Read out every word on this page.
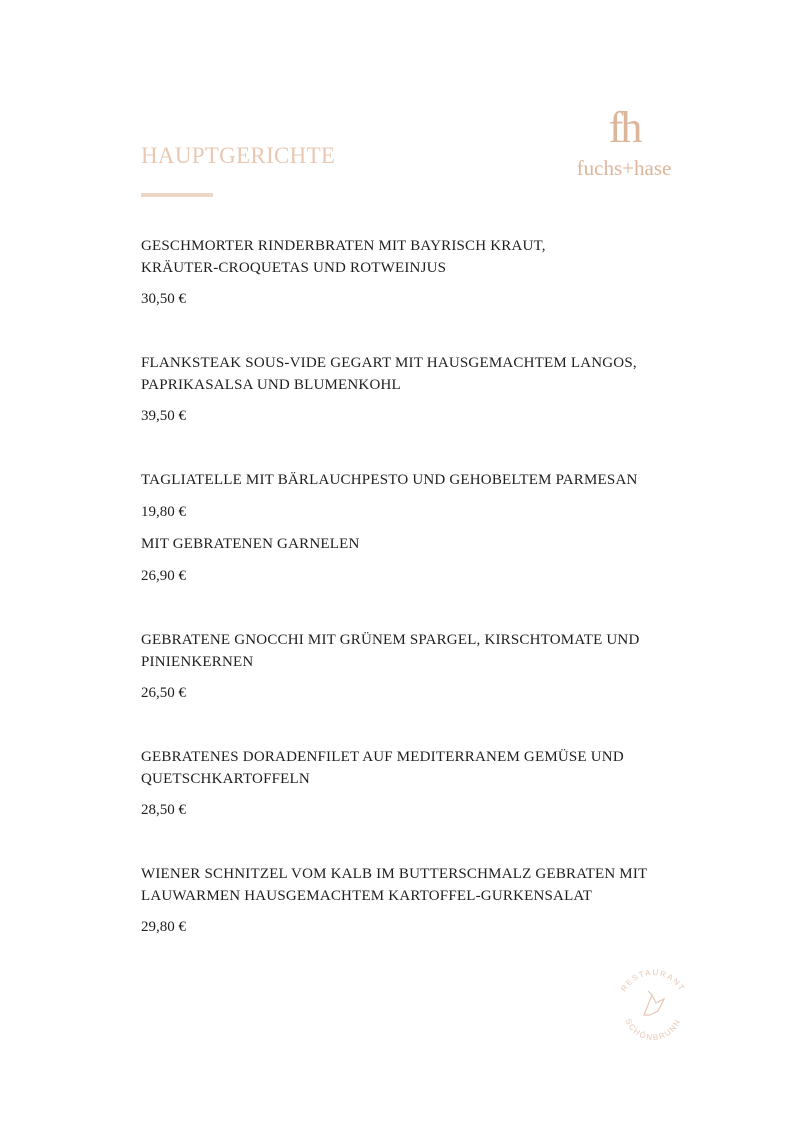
HAUPTGERICHTE
fh
fuchs+hase
GESCHMORTER RINDERBRATEN MIT BAYRISCH KRAUT,
KRÄUTER-CROQUETAS UND ROTWEINJUS
30,50 €
FLANKSTEAK SOUS-VIDE GEGART MIT HAUSGEMACHTEM LANGOS,
PAPRIKASALSA UND BLUMENKOHL
39,50 €
TAGLIATELLE MIT BÄRLAUCHPESTO UND GEHOBELTEM PARMESAN
19,80 €
MIT GEBRATENEN GARNELEN
26,90 €
GEBRATENE GNOCCHI MIT GRÜNEM SPARGEL, KIRSCHTOMATE UND
PINIENKERNEN
26,50 €
GEBRATENES DORADENFILET AUF MEDITERRANEM GEMÜSE UND
QUETSCHKARTOFFELN
28,50 €
WIENER SCHNITZEL VOM KALB IM BUTTERSCHMALZ GEBRATEN MIT
LAUWARMEN HAUSGEMACHTEM KARTOFFEL-GURKENSALAT
29,80 €
RESTAURANT
SCHÖNBRUNN
